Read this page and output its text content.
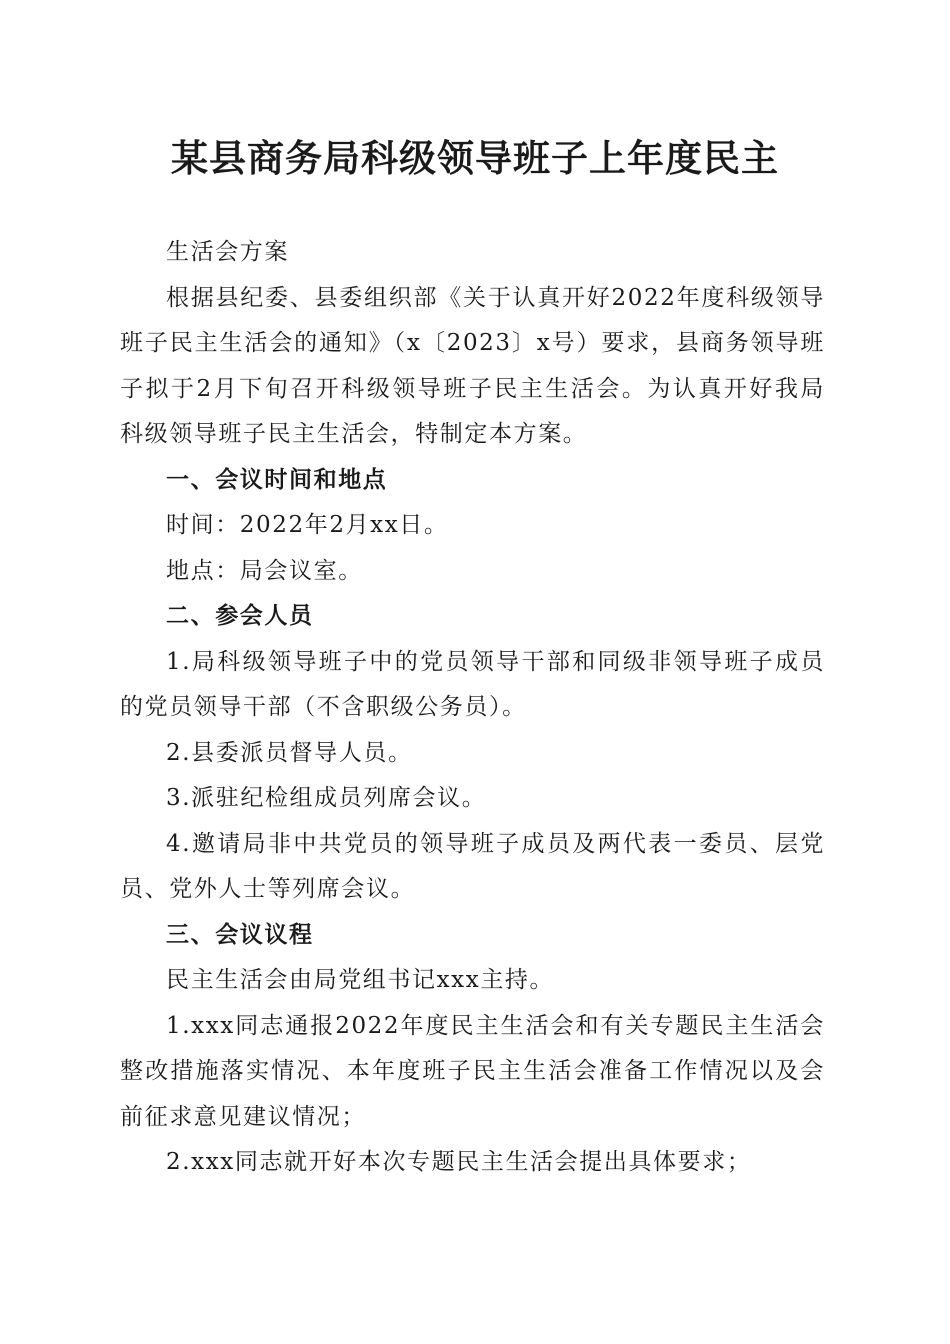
某县商务局科级领导班子上年度民主

生活会方案

根据县纪委、县委组织部《关于认真开好2022年度科级领导班子民主生活会的通知》（x〔2023〕x号）要求，县商务领导班子拟于2月下旬召开科级领导班子民主生活会。为认真开好我局科级领导班子民主生活会，特制定本方案。

一、会议时间和地点

时间：2022年2月xx日。

地点：局会议室。

二、参会人员

1.局科级领导班子中的党员领导干部和同级非领导班子成员的党员领导干部（不含职级公务员）。

2.县委派员督导人员。

3.派驻纪检组成员列席会议。

4.邀请局非中共党员的领导班子成员及两代表一委员、层党员、党外人士等列席会议。

三、会议议程

民主生活会由局党组书记xxx主持。

1.xxx同志通报2022年度民主生活会和有关专题民主生活会整改措施落实情况、本年度班子民主生活会准备工作情况以及会前征求意见建议情况；

2.xxx同志就开好本次专题民主生活会提出具体要求；
